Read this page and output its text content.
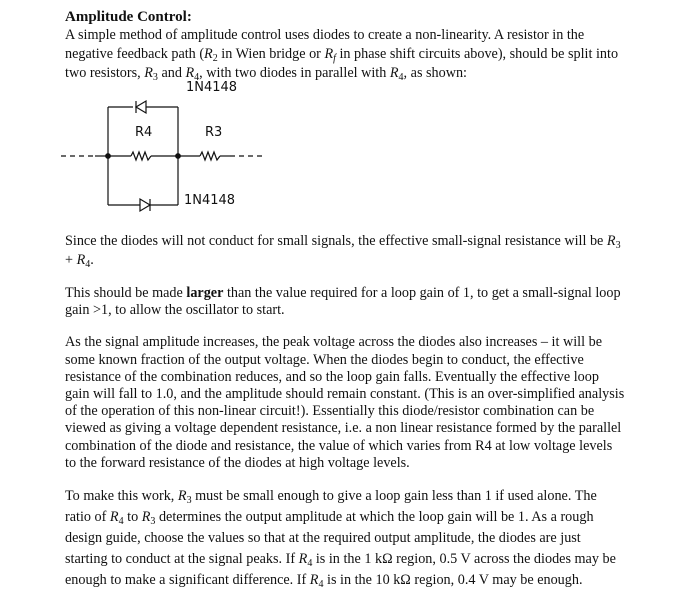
Amplitude Control:

A simple method of amplitude control uses diodes to create a non-linearity. A resistor in the negative feedback path ($R_2$ in Wien bridge or $R_f$ in phase shift circuits above), should be split into two resistors, $R_3$ and $R_4$, with two diodes in parallel with $R_4$, as shown:

1N4148
R4	R3
1N4148

Since the diodes will not conduct for small signals, the effective small-signal resistance will be $R_3 + R_4$.

This should be made larger than the value required for a loop gain of 1, to get a small-signal loop gain >1, to allow the oscillator to start.

As the signal amplitude increases, the peak voltage across the diodes also increases – it will be some known fraction of the output voltage. When the diodes begin to conduct, the effective resistance of the combination reduces, and so the loop gain falls. Eventually the effective loop gain will fall to 1.0, and the amplitude should remain constant. (This is an over-simplified analysis of the operation of this non-linear circuit!). Essentially this diode/resistor combination can be viewed as giving a voltage dependent resistance, i.e. a non linear resistance formed by the parallel combination of the diode and resistance, the value of which varies from R4 at low voltage levels to the forward resistance of the diodes at high voltage levels.

To make this work, $R_3$ must be small enough to give a loop gain less than 1 if used alone. The ratio of $R_4$ to $R_3$ determines the output amplitude at which the loop gain will be 1. As a rough design guide, choose the values so that at the required output amplitude, the diodes are just starting to conduct at the signal peaks. If $R_4$ is in the 1 kΩ region, 0.5 V across the diodes may be enough to make a significant difference. If $R_4$ is in the 10 kΩ region, 0.4 V may be enough.
